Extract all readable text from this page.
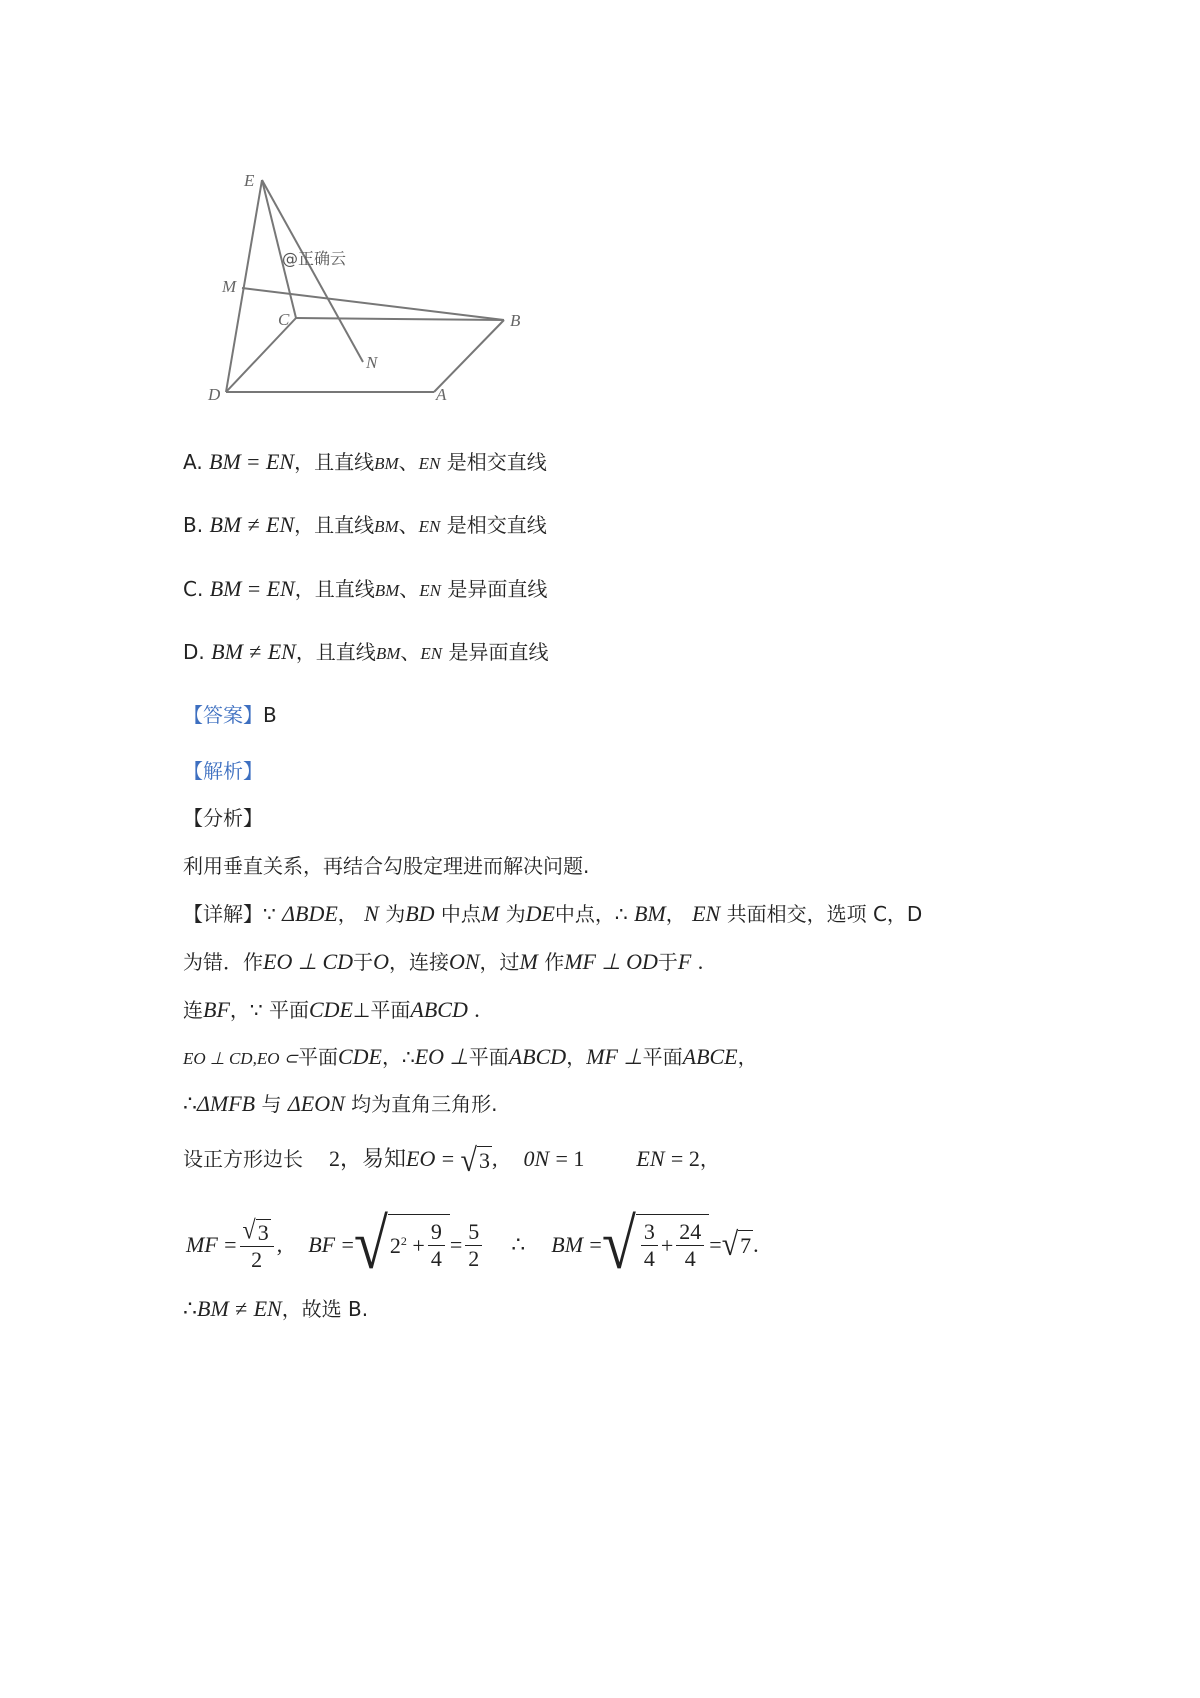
E
M
C	B
N
D	A
@正确云
A. BM = EN，且直线BM、EN 是相交直线
B. BM ≠ EN，且直线BM、EN 是相交直线
C. BM = EN，且直线BM、EN 是异面直线
D. BM ≠ EN，且直线BM、EN 是异面直线
【答案】B
【解析】
【分析】
利用垂直关系，再结合勾股定理进而解决问题.
【详解】∵ ΔBDE， N 为BD 中点M 为DE中点，∴ BM， EN 共面相交，选项 C，D
为错．作EO ⊥ CD于O，连接ON，过M 作MF ⊥ OD于F .
连BF，∵ 平面CDE⊥平面ABCD .
EO ⊥ CD,EO ⊂平面CDE，∴EO ⊥平面ABCD，MF ⊥平面ABCE，
∴ΔMFB 与 ΔEON 均为直角三角形.
设正方形边长 2，易知EO = √ 3 , 0N = 1 EN = 2，
MF
= $\frac{√ 3}{2}$ , BF
= √ $2^2$
+ $\frac{9}{4} = \frac{5}{2}$ ∴ BM
= √ $\frac{3}{4} + \frac{24}{4}$ = √ 7 .
∴BM ≠ EN，故选 B.
